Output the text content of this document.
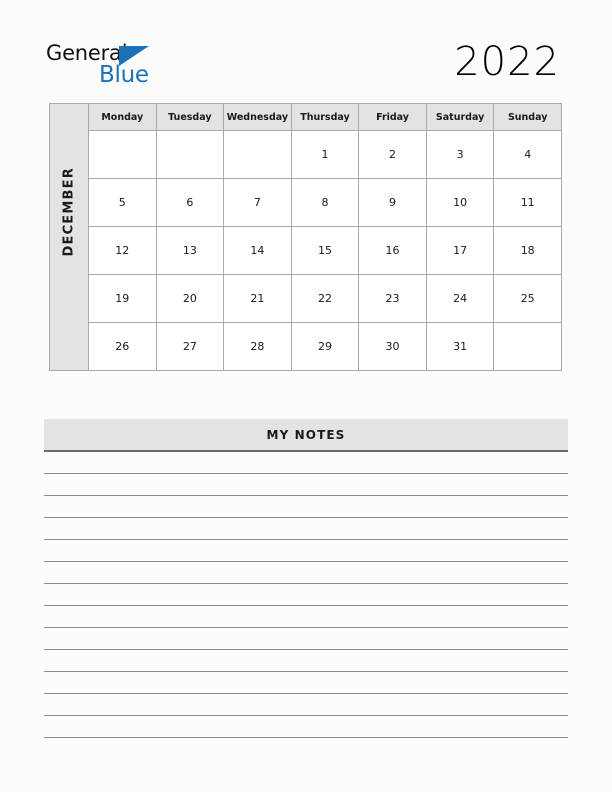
General
Blue	2022
DECEMBER	Monday	Tuesday	Wednesday	Thursday	Friday	Saturday	Sunday
				1	2	3	4
	5	6	7	8	9	10	11
	12	13	14	15	16	17	18
	19	20	21	22	23	24	25
	26	27	28	29	30	31	
MY NOTES
